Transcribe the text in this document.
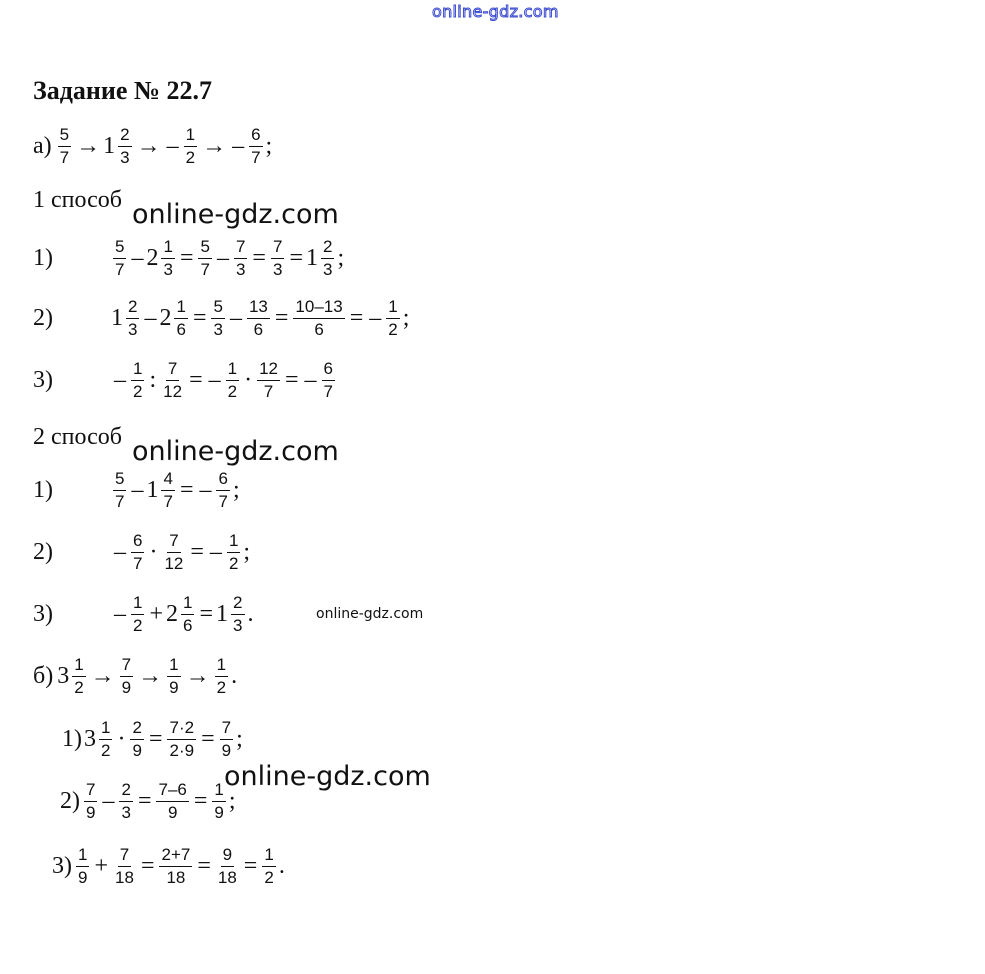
online-gdz.com
Задание № 22.7
$а) \frac{5}{7} \to 1 \frac{2}{3}$ → – $\frac{1}{2}$ → – $\frac{6}{7}$ ;
1 способ online-gdz.com
1)	$\frac{5}{7} - 2 \frac{1}{3} = \frac{5}{7} - \frac{7}{3} = \frac{7}{3} = 1 \frac{2}{3}$ ;
2)	$1 \frac{2}{3} - 2 \frac{1}{6} = \frac{5}{3} - \frac{13}{6} = \frac{10-13}{6}$ = – $\frac{1}{2}$ ;
3)	– $\frac{1}{2}$ : $\frac{7}{12}$ = – $\frac{1}{2} \cdot \frac{12}{7}$ = – $\frac{6}{7}$
2 способ online-gdz.com
1)	$\frac{5}{7} - 1 \frac{4}{7}$ = – $\frac{6}{7}$ ;
2)	– $\frac{6}{7} \cdot \frac{7}{12}$ = – $\frac{1}{2}$ ;
3)	– $\frac{1}{2} + 2 \frac{1}{6} = 1 \frac{2}{3}$ .	online-gdz.com
б) $3 \frac{1}{2} \to \frac{7}{9} \to \frac{1}{9} \to \frac{1}{2}$ .
1) $3 \frac{1}{2} \cdot \frac{2}{9} = \frac{7\cdot 2}{2\cdot 9} = \frac{7}{9}$ ;
online-gdz.com
$2) \frac{7}{9} - \frac{2}{3} = \frac{7-6}{9} = \frac{1}{9}$ ;
$3) \frac{1}{9} + \frac{7}{18} = \frac{2+7}{18} = \frac{9}{18} = \frac{1}{2}$ .
